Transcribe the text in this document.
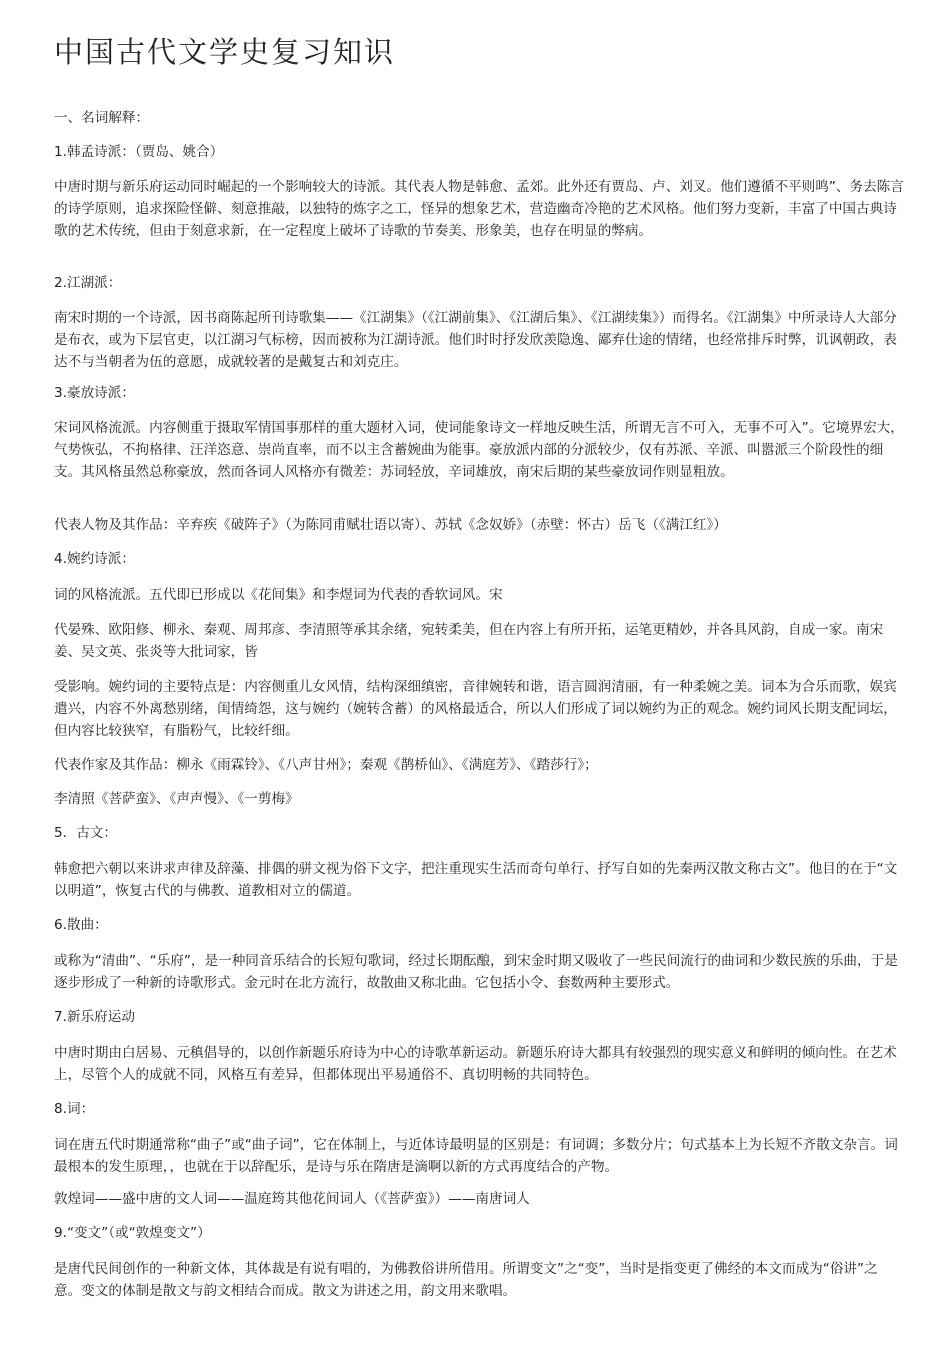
中国古代文学史复习知识

一、名词解释：

1.韩孟诗派：（贾岛、姚合）

中唐时期与新乐府运动同时崛起的一个影响较大的诗派。其代表人物是韩愈、孟郊。此外还有贾岛、卢、刘叉。他们遵循不平则鸣”、务去陈言的诗学原则，追求探险怪僻、刻意推敲，以独特的炼字之工，怪异的想象艺术，营造幽奇冷艳的艺术风格。他们努力变新，丰富了中国古典诗歌的艺术传统，但由于刻意求新，在一定程度上破坏了诗歌的节奏美、形象美，也存在明显的弊病。

2.江湖派：

南宋时期的一个诗派，因书商陈起所刊诗歌集——《江湖集》（《江湖前集》、《江湖后集》、《江湖续集》）而得名。《江湖集》中所录诗人大部分是布衣，或为下层官吏，以江湖习气标榜，因而被称为江湖诗派。他们时时抒发欣羡隐逸、鄙弃仕途的情绪，也经常排斥时弊，讥讽朝政，表达不与当朝者为伍的意愿，成就较著的是戴复古和刘克庄。

3.豪放诗派：

宋词风格流派。内容侧重于摄取军情国事那样的重大题材入词，使词能象诗文一样地反映生活，所谓无言不可入，无事不可入”。它境界宏大，气势恢弘，不拘格律、汪洋恣意、崇尚直率，而不以主含蓄婉曲为能事。豪放派内部的分派较少，仅有苏派、辛派、叫嚣派三个阶段性的细支。其风格虽然总称豪放，然而各词人风格亦有微差：苏词轻放，辛词雄放，南宋后期的某些豪放词作则显粗放。

代表人物及其作品：辛弃疾《破阵子》（为陈同甫赋壮语以寄）、苏轼《念奴娇》（赤壁：怀古）岳飞（《满江红》）

4.婉约诗派：

词的风格流派。五代即已形成以《花间集》和李煜词为代表的香软词风。宋

代晏殊、欧阳修、柳永、秦观、周邦彦、李清照等承其余绪，宛转柔美，但在内容上有所开拓，运笔更精妙，并各具风韵，自成一家。南宋姜、吴文英、张炎等大批词家，皆

受影响。婉约词的主要特点是：内容侧重儿女风情，结构深细缜密，音律婉转和谐，语言圆润清丽，有一种柔婉之美。词本为合乐而歌，娱宾遣兴，内容不外离愁别绪，闺情绮怨，这与婉约（婉转含蓄）的风格最适合，所以人们形成了词以婉约为正的观念。婉约词风长期支配词坛，但内容比较狭窄，有脂粉气，比较纤细。

代表作家及其作品：柳永《雨霖铃》、《八声甘州》；秦观《鹊桥仙》、《满庭芳》、《踏莎行》；

李清照《菩萨蛮》、《声声慢》、《一剪梅》

5．古文：

韩愈把六朝以来讲求声律及辞藻、排偶的骈文视为俗下文字，把注重现实生活而奇句单行、抒写自如的先秦两汉散文称古文”。他目的在于“文以明道”，恢复古代的与佛教、道教相对立的儒道。

6.散曲：

或称为“清曲”、“乐府”，是一种同音乐结合的长短句歌词，经过长期酝酿，到宋金时期又吸收了一些民间流行的曲词和少数民族的乐曲，于是逐步形成了一种新的诗歌形式。金元时在北方流行，故散曲又称北曲。它包括小令、套数两种主要形式。

7.新乐府运动

中唐时期由白居易、元稹倡导的，以创作新题乐府诗为中心的诗歌革新运动。新题乐府诗大都具有较强烈的现实意义和鲜明的倾向性。在艺术上，尽管个人的成就不同，风格互有差异，但都体现出平易通俗不、真切明畅的共同特色。

8.词：

词在唐五代时期通常称“曲子”或“曲子词”，它在体制上，与近体诗最明显的区别是：有词调；多数分片；句式基本上为长短不齐散文杂言。词最根本的发生原理，，也就在于以辞配乐，是诗与乐在隋唐是滴啊以新的方式再度结合的产物。

敦煌词——盛中唐的文人词——温庭筠其他花间词人（《菩萨蛮》）——南唐词人

9.“变文”（或“敦煌变文”）

是唐代民间创作的一种新文体，其体裁是有说有唱的，为佛教俗讲所借用。所谓变文”之“变”，当时是指变更了佛经的本文而成为“俗讲”之意。变文的体制是散文与韵文相结合而成。散文为讲述之用，韵文用来歌唱。
